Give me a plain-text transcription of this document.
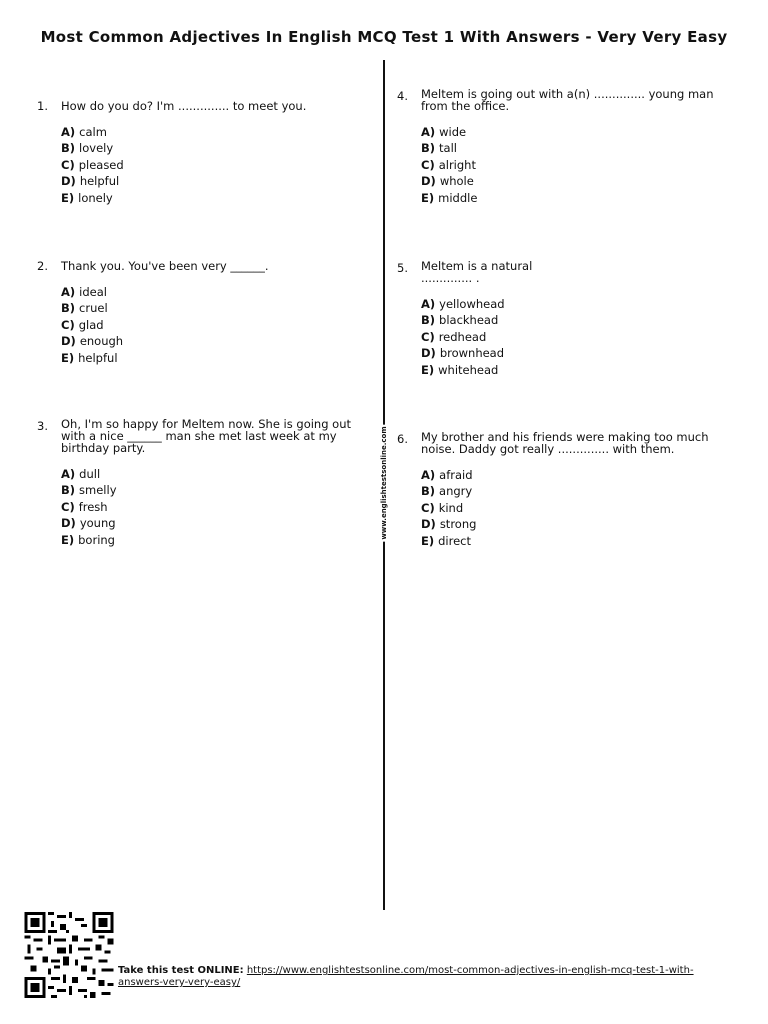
Most Common Adjectives In English MCQ Test 1 With Answers - Very Very Easy
www.englishtestsonline.com
1. How do you do? I'm .............. to meet you.
A) calm
B) lovely
C) pleased
D) helpful
E) lonely
2. Thank you. You've been very ______.
A) ideal
B) cruel
C) glad
D) enough
E) helpful
3. Oh, I'm so happy for Meltem now. She is going out with a nice ______ man she met last week at my birthday party.
A) dull
B) smelly
C) fresh
D) young
E) boring
4. Meltem is going out with a(n) .............. young man from the office.
A) wide
B) tall
C) alright
D) whole
E) middle
5. Meltem is a natural .............. .
A) yellowhead
B) blackhead
C) redhead
D) brownhead
E) whitehead
6. My brother and his friends were making too much noise. Daddy got really .............. with them.
A) afraid
B) angry
C) kind
D) strong
E) direct
Take this test ONLINE: https://www.englishtestsonline.com/most-common-adjectives-in-english-mcq-test-1-with-answers-very-very-easy/
